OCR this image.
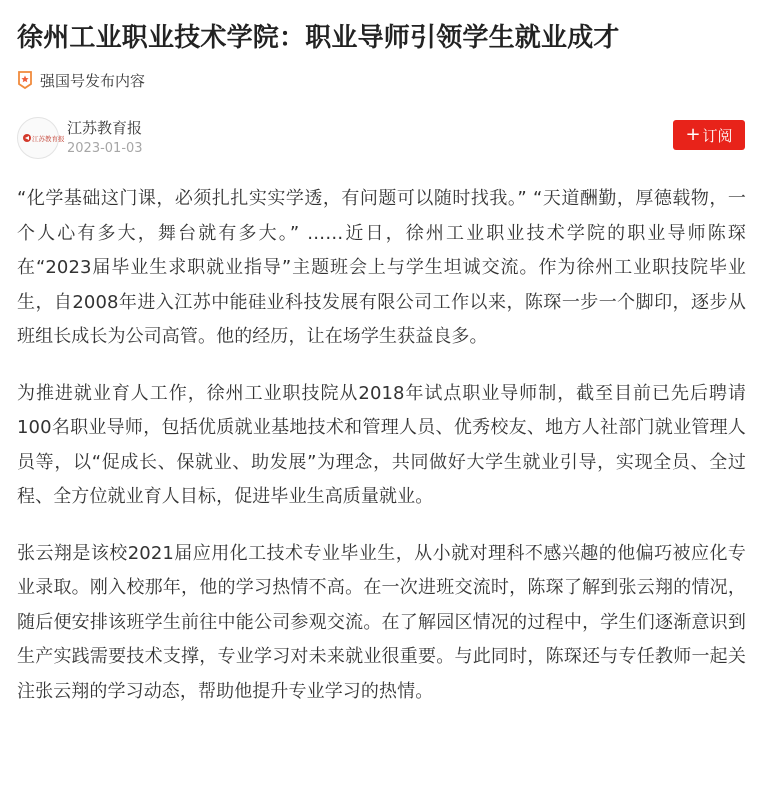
徐州工业职业技术学院：职业导师引领学生就业成才
强国号发布内容
江苏教育报
江苏教育报
2023-01-03
+ 订阅

“化学基础这门课，必须扎扎实实学透，有问题可以随时找我。” “天道酬勤，厚德载物，一个人心有多大，舞台就有多大。” ……近日，徐州工业职业技术学院的职业导师陈琛在“2023届毕业生求职就业指导”主题班会上与学生坦诚交流。作为徐州工业职技院毕业生，自2008年进入江苏中能硅业科技发展有限公司工作以来，陈琛一步一个脚印，逐步从班组长成长为公司高管。他的经历，让在场学生获益良多。

为推进就业育人工作，徐州工业职技院从2018年试点职业导师制，截至目前已先后聘请100名职业导师，包括优质就业基地技术和管理人员、优秀校友、地方人社部门就业管理人员等，以“促成长、保就业、助发展”为理念，共同做好大学生就业引导，实现全员、全过程、全方位就业育人目标，促进毕业生高质量就业。

张云翔是该校2021届应用化工技术专业毕业生，从小就对理科不感兴趣的他偏巧被应化专业录取。刚入校那年，他的学习热情不高。在一次进班交流时，陈琛了解到张云翔的情况，随后便安排该班学生前往中能公司参观交流。在了解园区情况的过程中，学生们逐渐意识到生产实践需要技术支撑，专业学习对未来就业很重要。与此同时，陈琛还与专任教师一起关注张云翔的学习动态，帮助他提升专业学习的热情。
